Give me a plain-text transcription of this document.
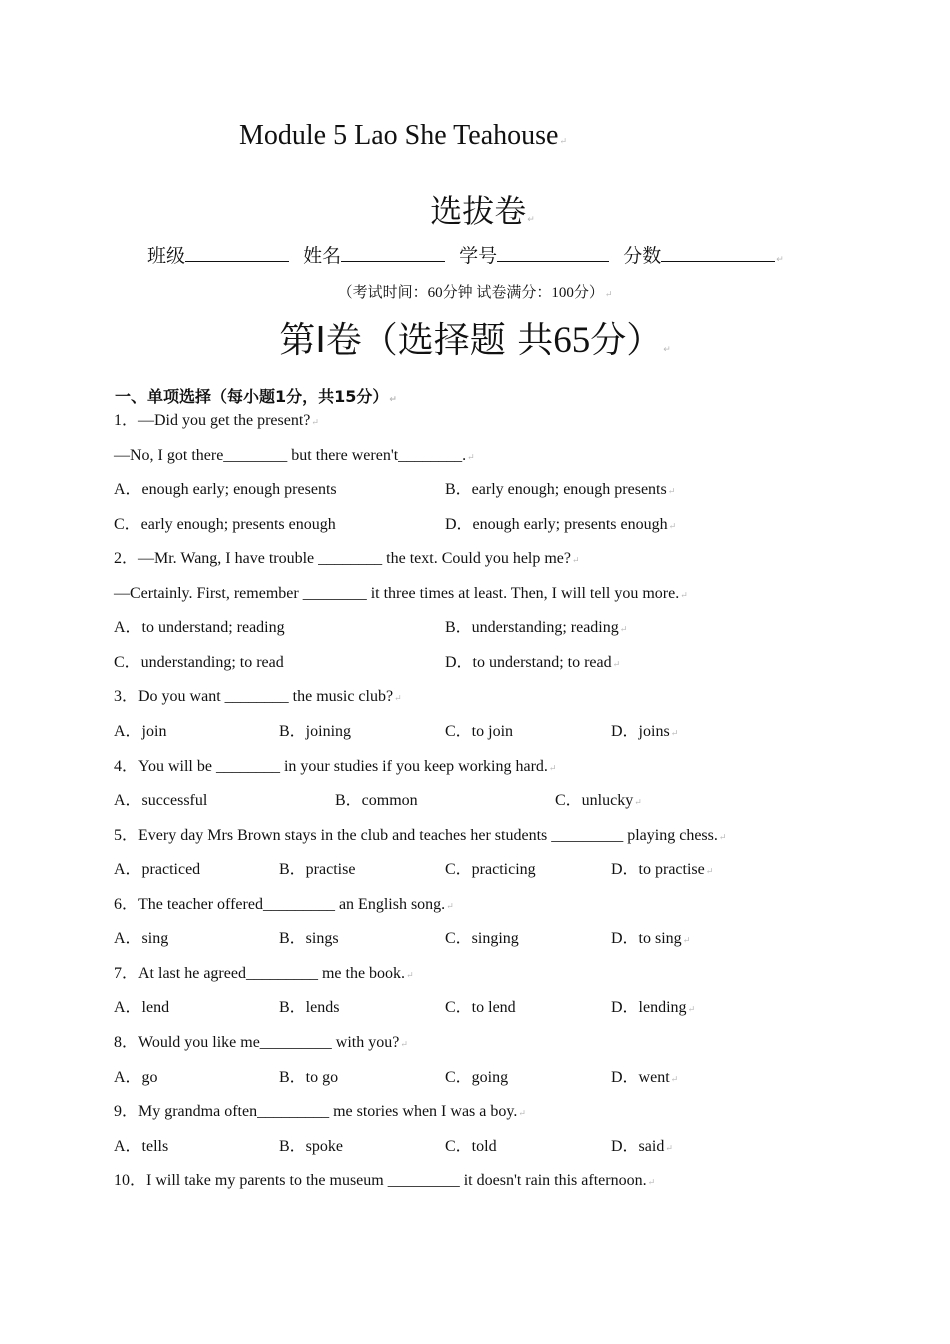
Module 5 Lao She Teahouse↵
选拔卷↵
班级	姓名	学号	分数	↵
（考试时间：60分钟 试卷满分：100分）↵
第I卷（选择题 共65分）↵
一、单项选择（每小题1分，共15分）↵
1．—Did you get the present?↵
—No, I got there________ but there weren't________.↵
A．enough early; enough presents	B．early enough; enough presents↵
C．early enough; presents enough	D．enough early; presents enough↵
2．—Mr. Wang, I have trouble ________ the text. Could you help me?↵
—Certainly. First, remember ________ it three times at least. Then, I will tell you more.↵
A．to understand; reading	B．understanding; reading↵
C．understanding; to read	D．to understand; to read↵
3．Do you want ________ the music club?↵
A．join	B．joining	C．to join	D．joins↵
4．You will be ________ in your studies if you keep working hard.↵
A．successful	B．common	C．unlucky↵
5．Every day Mrs Brown stays in the club and teaches her students _________ playing chess.↵
A．practiced	B．practise	C．practicing	D．to practise↵
6．The teacher offered_________ an English song.↵
A．sing	B．sings	C．singing	D．to sing↵
7．At last he agreed_________ me the book.↵
A．lend	B．lends	C．to lend	D．lending↵
8．Would you like me_________ with you?↵
A．go	B．to go	C．going	D．went↵
9．My grandma often_________ me stories when I was a boy.↵
A．tells	B．spoke	C．told	D．said↵
10．I will take my parents to the museum _________ it doesn't rain this afternoon.↵
